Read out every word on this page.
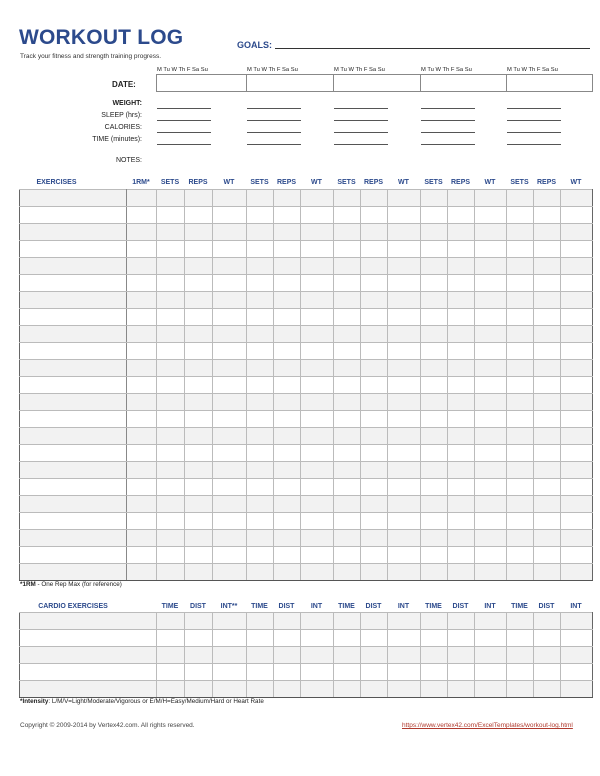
WORKOUT LOG
Track your fitness and strength training progress.
GOALS:
M Tu W Th F Sa Su	M Tu W Th F Sa Su	M Tu W Th F Sa Su	M Tu W Th F Sa Su	M Tu W Th F Sa Su
DATE:
WEIGHT:
SLEEP (hrs):
CALORIES:
TIME (minutes):
NOTES:
EXERCISES	1RM*	SETS	REPS	WT	SETS	REPS	WT	SETS	REPS	WT	SETS	REPS	WT	SETS	REPS	WT

*1RM - One Rep Max (for reference)
CARDIO EXERCISES	TIME	DIST	INT**	TIME	DIST	INT	TIME	DIST	INT	TIME	DIST	INT	TIME	DIST	INT

*Intensity: L/M/V=Light/Moderate/Vigorous or E/M/H=Easy/Medium/Hard or Heart Rate
Copyright © 2009-2014 by Vertex42.com. All rights reserved.	https://www.vertex42.com/ExcelTemplates/workout-log.html
